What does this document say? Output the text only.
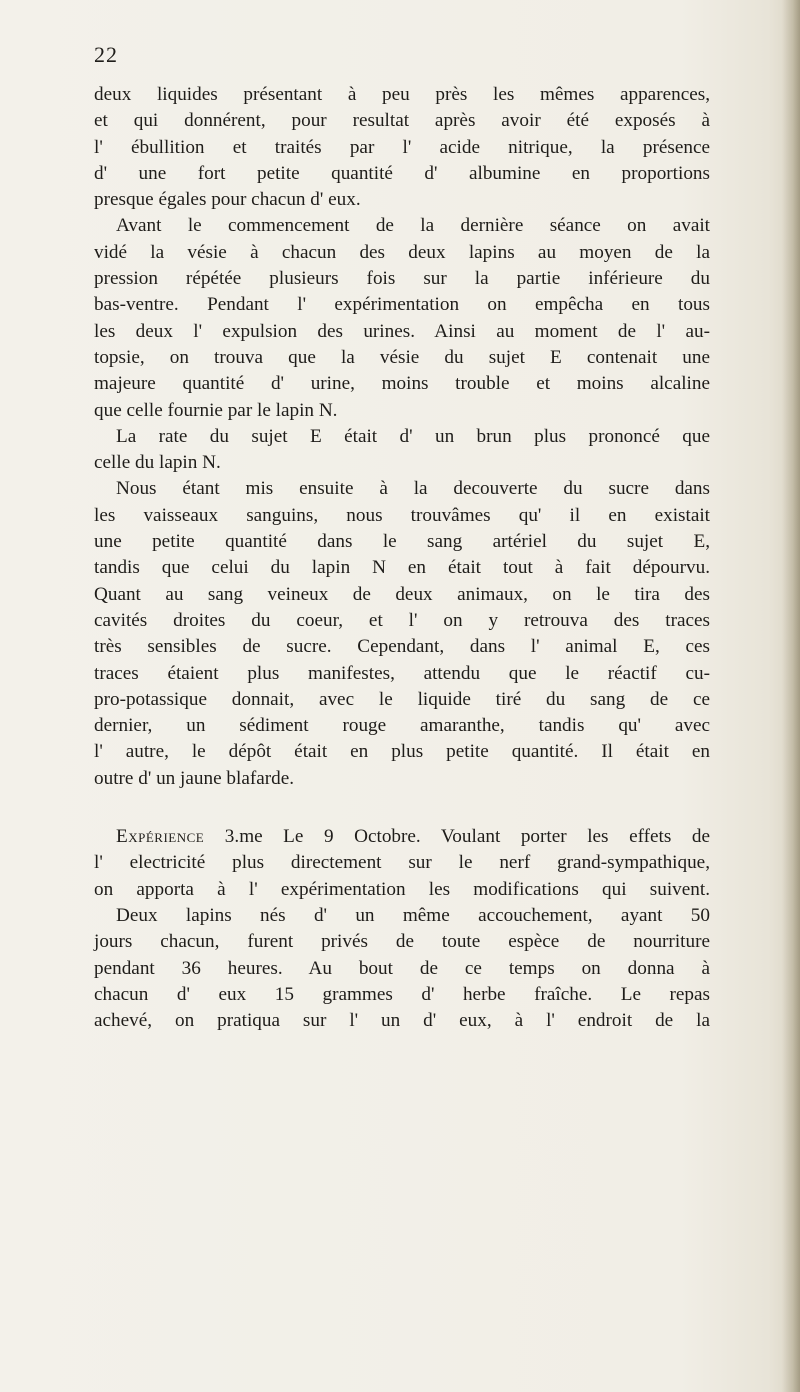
22

deux liquides présentant à peu près les mêmes apparences,
et qui donnérent, pour resultat après avoir été exposés à
l' ébullition et traités par l' acide nitrique, la présence
d' une fort petite quantité d' albumine en proportions
presque égales pour chacun d' eux.

Avant le commencement de la dernière séance on avait
vidé la vésie à chacun des deux lapins au moyen de la
pression répétée plusieurs fois sur la partie inférieure du
bas-ventre. Pendant l' expérimentation on empêcha en tous
les deux l' expulsion des urines. Ainsi au moment de l' au-
topsie, on trouva que la vésie du sujet E contenait une
majeure quantité d' urine, moins trouble et moins alcaline
que celle fournie par le lapin N.

La rate du sujet E était d' un brun plus prononcé que
celle du lapin N.

Nous étant mis ensuite à la decouverte du sucre dans
les vaisseaux sanguins, nous trouvâmes qu' il en existait
une petite quantité dans le sang artériel du sujet E,
tandis que celui du lapin N en était tout à fait dépourvu.
Quant au sang veineux de deux animaux, on le tira des
cavités droites du coeur, et l' on y retrouva des traces
très sensibles de sucre. Cependant, dans l' animal E, ces
traces étaient plus manifestes, attendu que le réactif cu-
pro-potassique donnait, avec le liquide tiré du sang de ce
dernier, un sédiment rouge amaranthe, tandis qu' avec
l' autre, le dépôt était en plus petite quantité. Il était en
outre d' un jaune blafarde.

Expérience 3.me Le 9 Octobre. Voulant porter les effets de
l' electricité plus directement sur le nerf grand-sympathique,
on apporta à l' expérimentation les modifications qui suivent.
Deux lapins nés d' un même accouchement, ayant 50
jours chacun, furent privés de toute espèce de nourriture
pendant 36 heures. Au bout de ce temps on donna à
chacun d' eux 15 grammes d' herbe fraîche. Le repas
achevé, on pratiqua sur l' un d' eux, à l' endroit de la
